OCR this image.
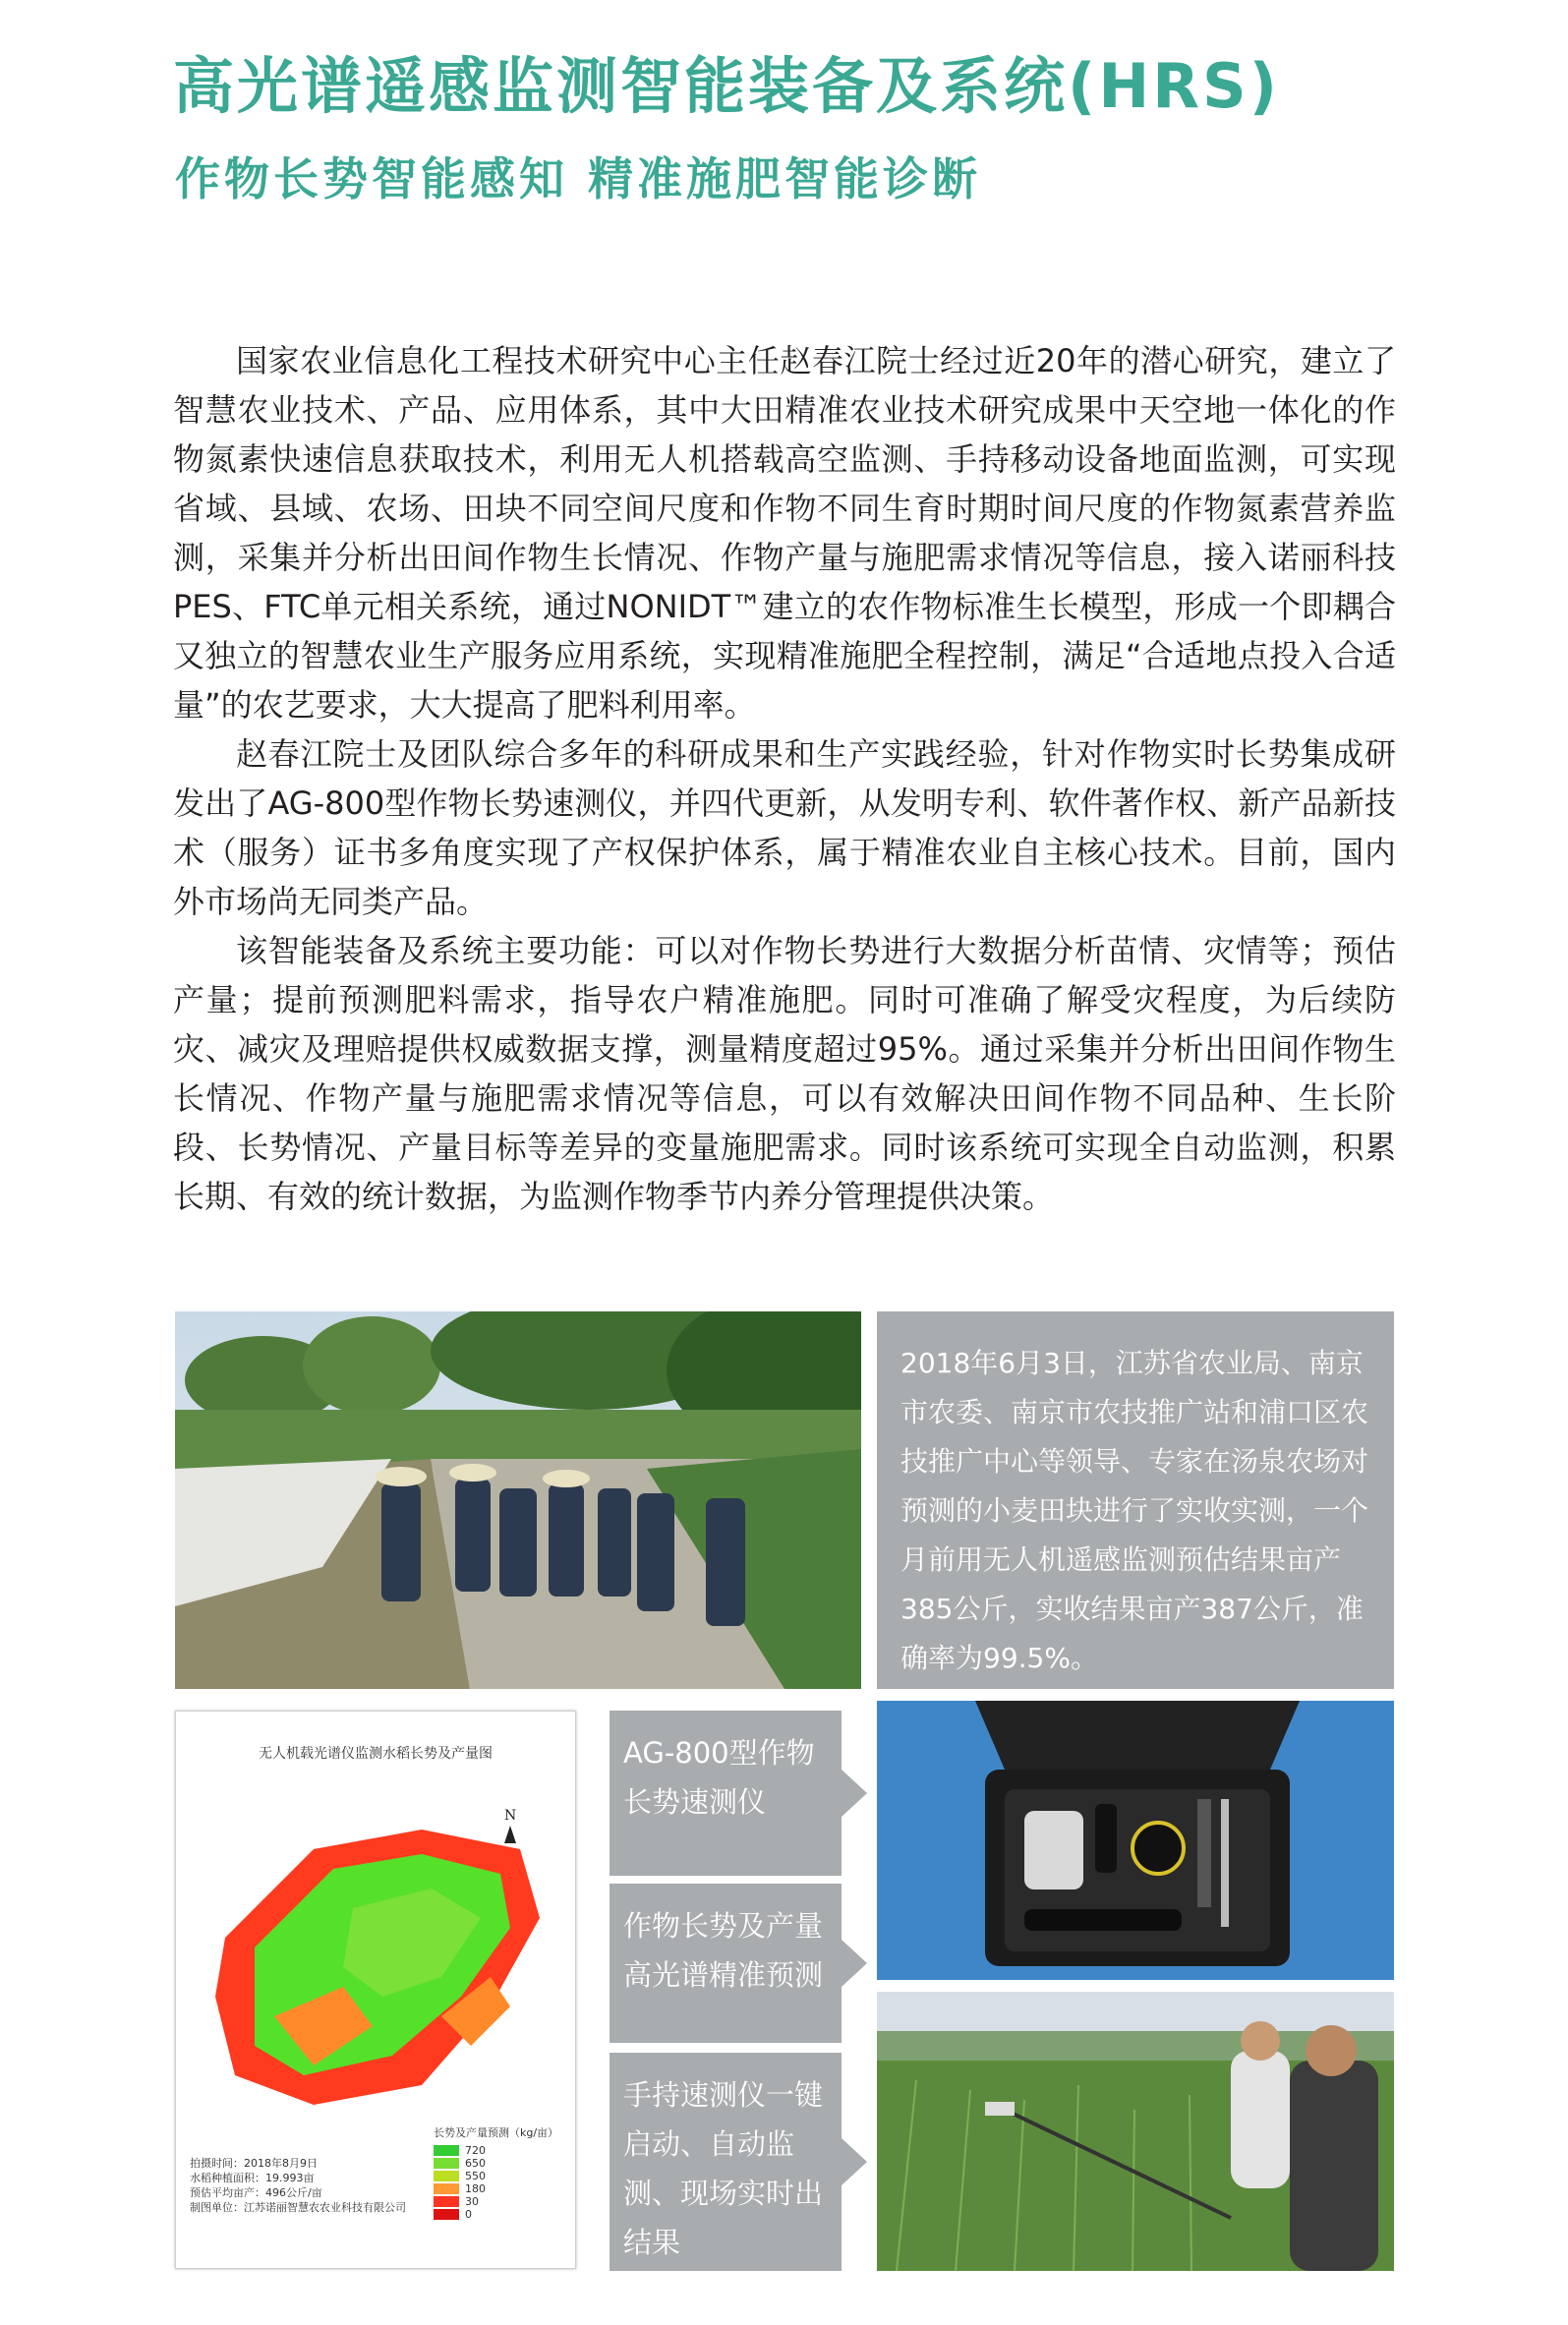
高光谱遥感监测智能装备及系统(HRS)
作物长势智能感知 精准施肥智能诊断

国家农业信息化工程技术研究中心主任赵春江院士经过近20年的潜心研究，建立了智慧农业技术、产品、应用体系，其中大田精准农业技术研究成果中天空地一体化的作物氮素快速信息获取技术，利用无人机搭载高空监测、手持移动设备地面监测，可实现省域、县域、农场、田块不同空间尺度和作物不同生育时期时间尺度的作物氮素营养监测，采集并分析出田间作物生长情况、作物产量与施肥需求情况等信息，接入诺丽科技PES、FTC单元相关系统，通过NONIDT™建立的农作物标准生长模型，形成一个即耦合又独立的智慧农业生产服务应用系统，实现精准施肥全程控制，满足“合适地点投入合适量”的农艺要求，大大提高了肥料利用率。

赵春江院士及团队综合多年的科研成果和生产实践经验，针对作物实时长势集成研发出了AG-800型作物长势速测仪，并四代更新，从发明专利、软件著作权、新产品新技术（服务）证书多角度实现了产权保护体系，属于精准农业自主核心技术。目前，国内外市场尚无同类产品。

该智能装备及系统主要功能：可以对作物长势进行大数据分析苗情、灾情等；预估产量；提前预测肥料需求，指导农户精准施肥。同时可准确了解受灾程度，为后续防灾、减灾及理赔提供权威数据支撑，测量精度超过95%。通过采集并分析出田间作物生长情况、作物产量与施肥需求情况等信息，可以有效解决田间作物不同品种、生长阶段、长势情况、产量目标等差异的变量施肥需求。同时该系统可实现全自动监测，积累长期、有效的统计数据，为监测作物季节内养分管理提供决策。

2018年6月3日，江苏省农业局、南京市农委、南京市农技推广站和浦口区农技推广中心等领导、专家在汤泉农场对预测的小麦田块进行了实收实测，一个月前用无人机遥感监测预估结果亩产385公斤，实收结果亩产387公斤，准确率为99.5%。
无人机载光谱仪监测水稻长势及产量图
N
长势及产量预测（kg/亩）
720
650
550
180
30
0
拍摄时间：2018年8月9日
水稻种植面积：19.993亩
预估平均亩产：496公斤/亩
制图单位：江苏诺丽智慧农农业科技有限公司
AG-800型作物长势速测仪
作物长势及产量高光谱精准预测
手持速测仪一键启动、自动监测、现场实时出结果
